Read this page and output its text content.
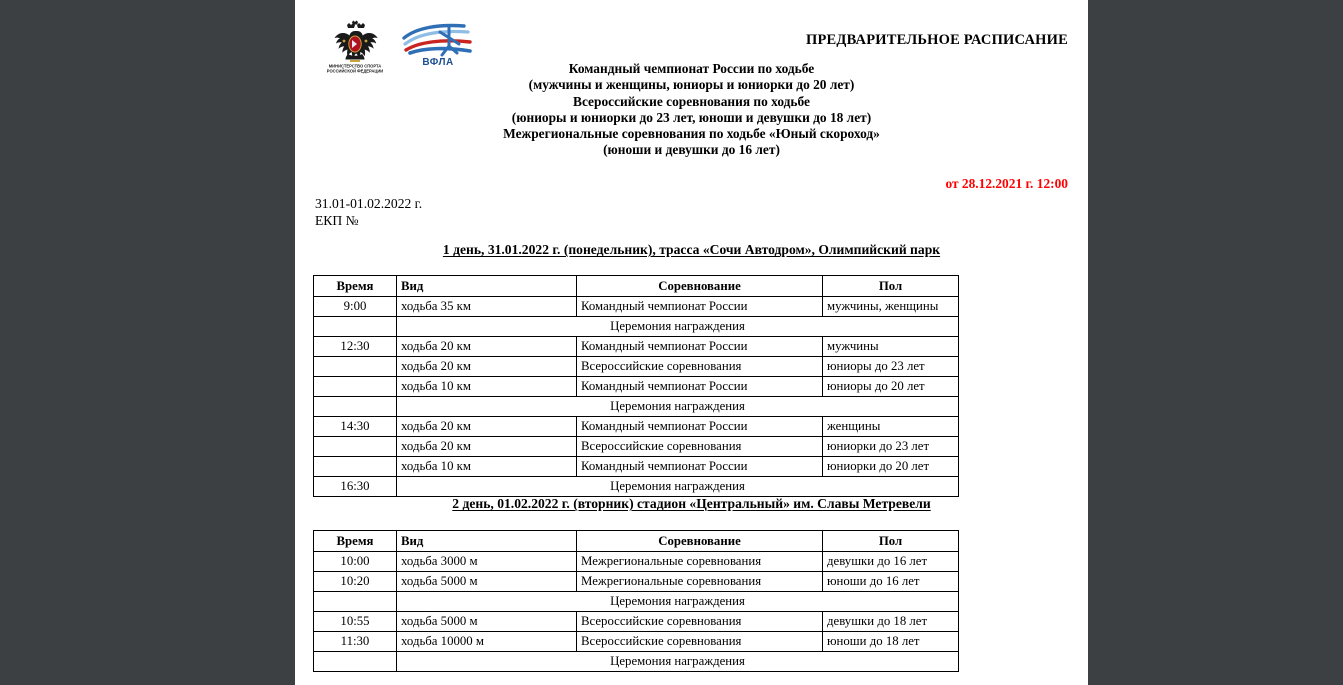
МИНИСТЕРСТВО СПОРТА
РОССИЙСКОЙ ФЕДЕРАЦИИ
ВФЛА
ПРЕДВАРИТЕЛЬНОЕ РАСПИСАНИЕ
Командный чемпионат России по ходьбе
(мужчины и женщины, юниоры и юниорки до 20 лет)
Всероссийские соревнования по ходьбе
(юниоры и юниорки до 23 лет, юноши и девушки до 18 лет)
Межрегиональные соревнования по ходьбе «Юный скороход»
(юноши и девушки до 16 лет)
от 28.12.2021 г. 12:00
31.01-01.02.2022 г.
ЕКП №
1 день, 31.01.2022 г. (понедельник), трасса «Сочи Автодром», Олимпийский парк
Время	Вид	Соревнование	Пол
9:00	ходьба 35 км	Командный чемпионат России	мужчины, женщины
	Церемония награждения		
12:30	ходьба 20 км	Командный чемпионат России	мужчины
	ходьба 20 км	Всероссийские соревнования	юниоры до 23 лет
	ходьба 10 км	Командный чемпионат России	юниоры до 20 лет
	Церемония награждения		
14:30	ходьба 20 км	Командный чемпионат России	женщины
	ходьба 20 км	Всероссийские соревнования	юниорки до 23 лет
	ходьба 10 км	Командный чемпионат России	юниорки до 20 лет
16:30	Церемония награждения		
2 день, 01.02.2022 г. (вторник) стадион «Центральный» им. Славы Метревели
Время	Вид	Соревнование	Пол
10:00	ходьба 3000 м	Межрегиональные соревнования	девушки до 16 лет
10:20	ходьба 5000 м	Межрегиональные соревнования	юноши до 16 лет
	Церемония награждения		
10:55	ходьба 5000 м	Всероссийские соревнования	девушки до 18 лет
11:30	ходьба 10000 м	Всероссийские соревнования	юноши до 18 лет
	Церемония награждения		
